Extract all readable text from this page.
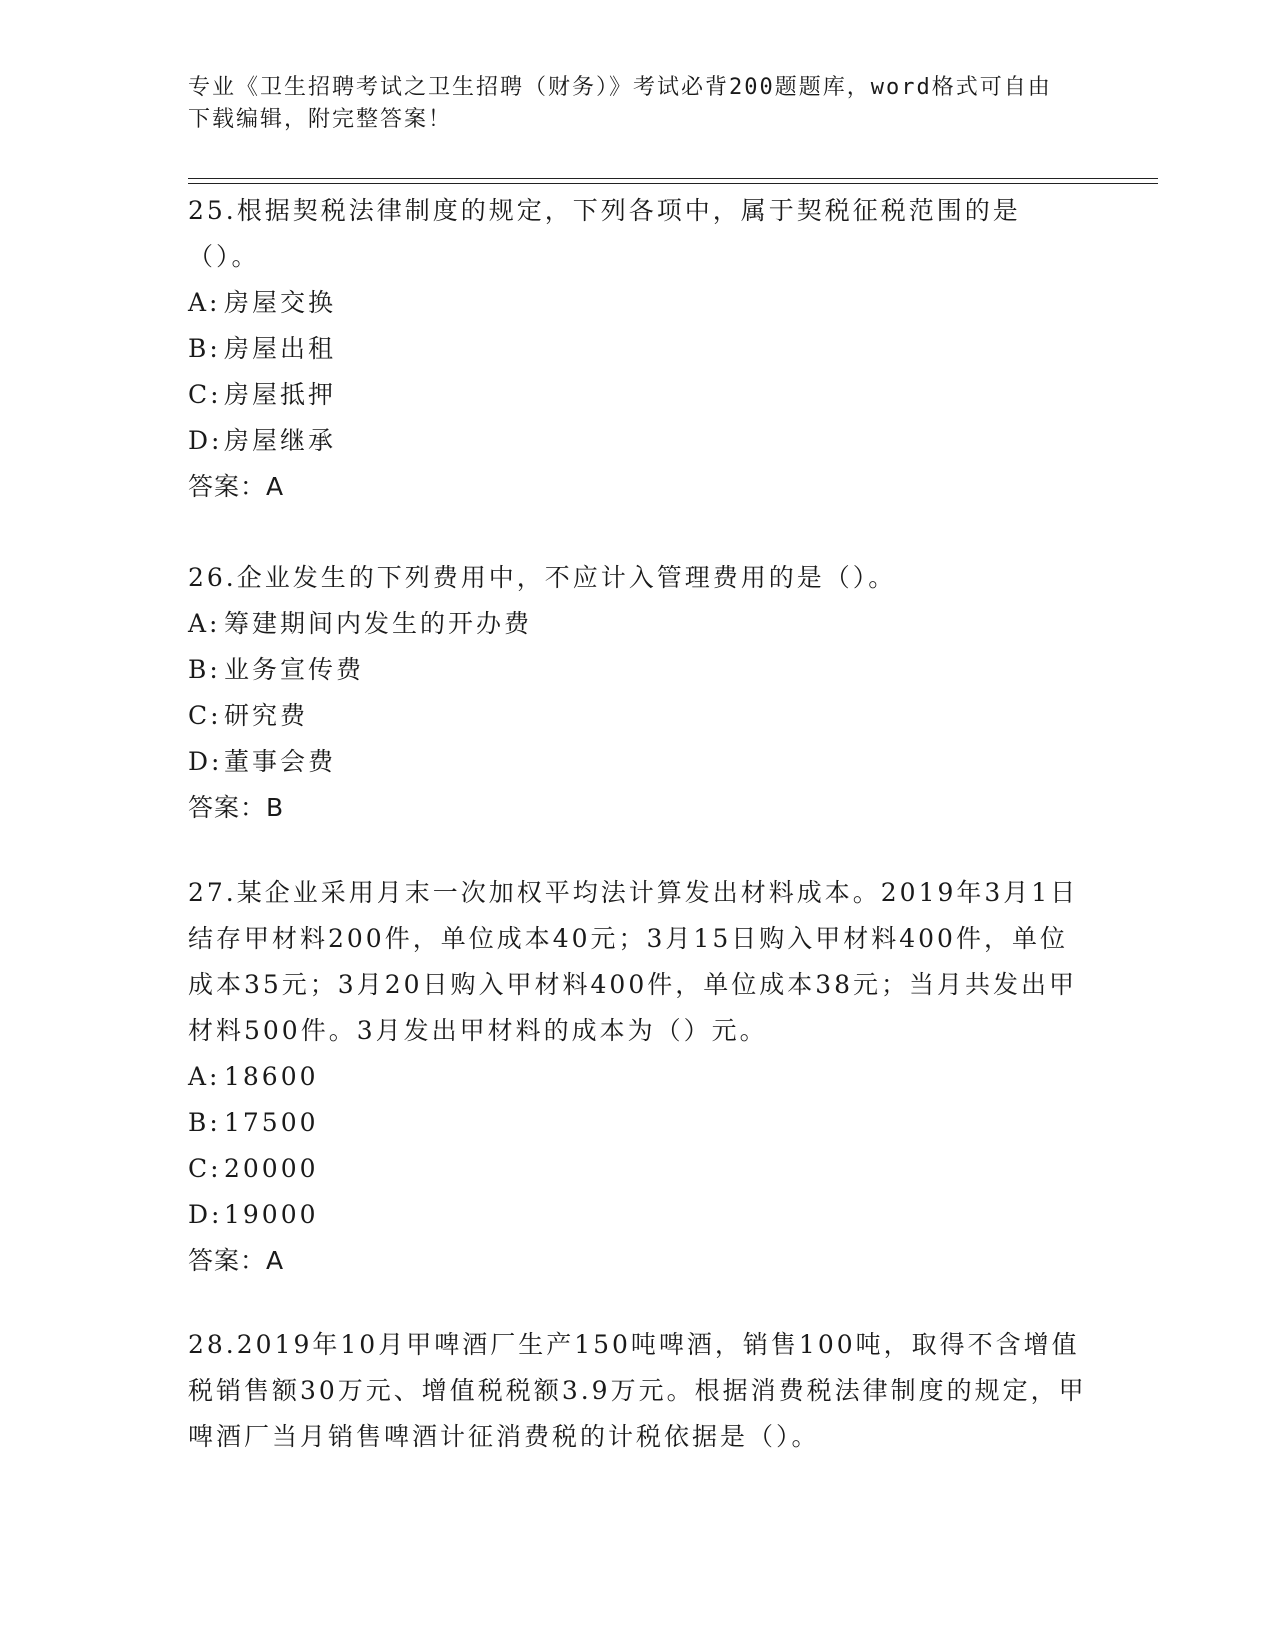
专业《卫生招聘考试之卫生招聘（财务）》考试必背200题题库，word格式可自由下载编辑，附完整答案！

25.根据契税法律制度的规定，下列各项中，属于契税征税范围的是（）。

A: 房屋交换

B: 房屋出租

C:房屋抵押

D:房屋继承

答案：A

26.企业发生的下列费用中，不应计入管理费用的是（）。

A: 筹建期间内发生的开办费

B: 业务宣传费

C:研究费

D:董事会费

答案：B

27.某企业采用月末一次加权平均法计算发出材料成本。2019年3月1日结存甲材料200件，单位成本40元；3月15日购入甲材料400件，单位成本35元；3月20日购入甲材料400件，单位成本38元；当月共发出甲材料500件。3月发出甲材料的成本为（）元。

A: 18600

B: 17500

C:20000

D:19000

答案：A

28.2019年10月甲啤酒厂生产150吨啤酒，销售100吨，取得不含增值税销售额30万元、增值税税额3.9万元。根据消费税法律制度的规定，甲啤酒厂当月销售啤酒计征消费税的计税依据是（）。
